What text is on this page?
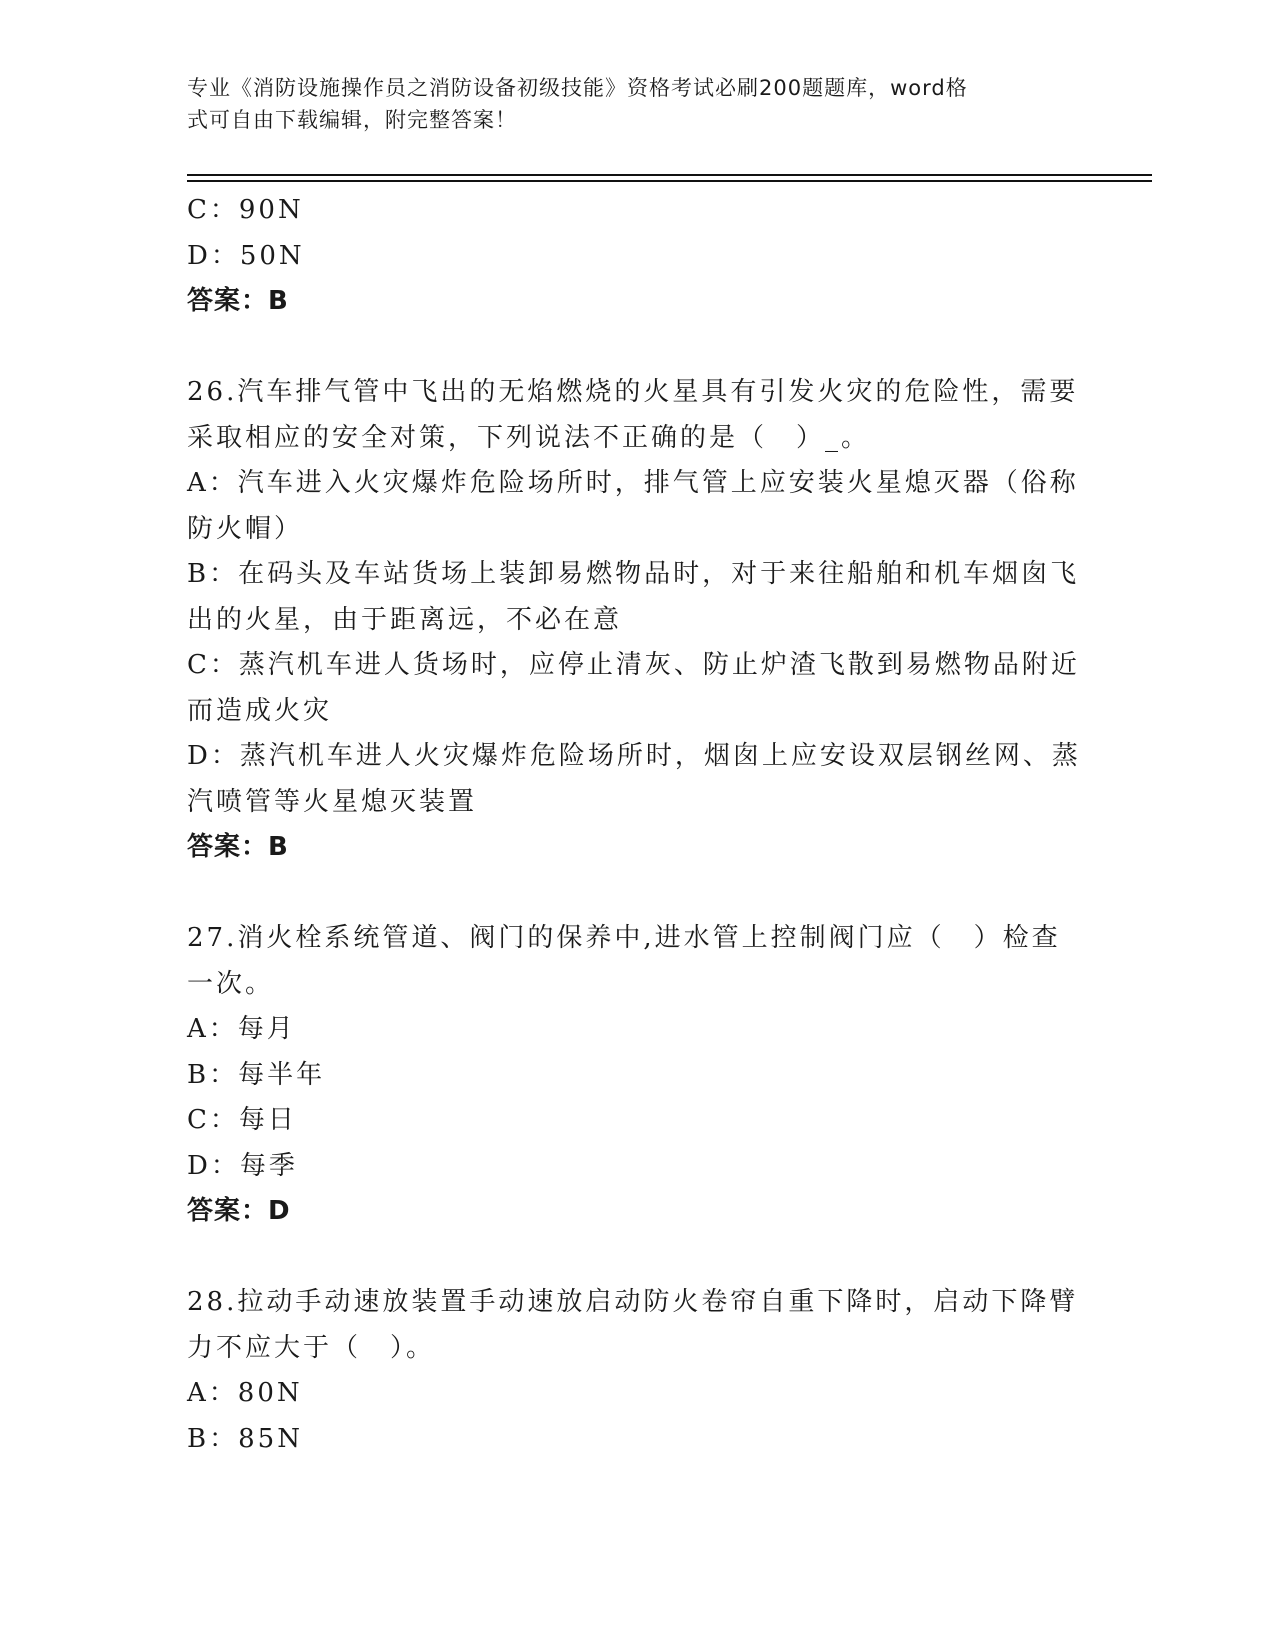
专业《消防设施操作员之消防设备初级技能》资格考试必刷200题题库，word格
式可自由下载编辑，附完整答案！
C：90N
D：50N
答案：B
26.汽车排气管中飞出的无焰燃烧的火星具有引发火灾的危险性，需要
采取相应的安全对策，下列说法不正确的是（　）_。
A：汽车进入火灾爆炸危险场所时，排气管上应安装火星熄灭器（俗称
防火帽）
B：在码头及车站货场上装卸易燃物品时，对于来往船舶和机车烟囱飞
出的火星，由于距离远，不必在意
C：蒸汽机车进人货场时，应停止清灰、防止炉渣飞散到易燃物品附近
而造成火灾
D：蒸汽机车进人火灾爆炸危险场所时，烟囱上应安设双层钢丝网、蒸
汽喷管等火星熄灭装置
答案：B
27.消火栓系统管道、阀门的保养中,进水管上控制阀门应（　）检查
一次。
A：每月
B：每半年
C：每日
D：每季
答案：D
28.拉动手动速放装置手动速放启动防火卷帘自重下降时，启动下降臂
力不应大于（　）。
A：80N
B：85N
